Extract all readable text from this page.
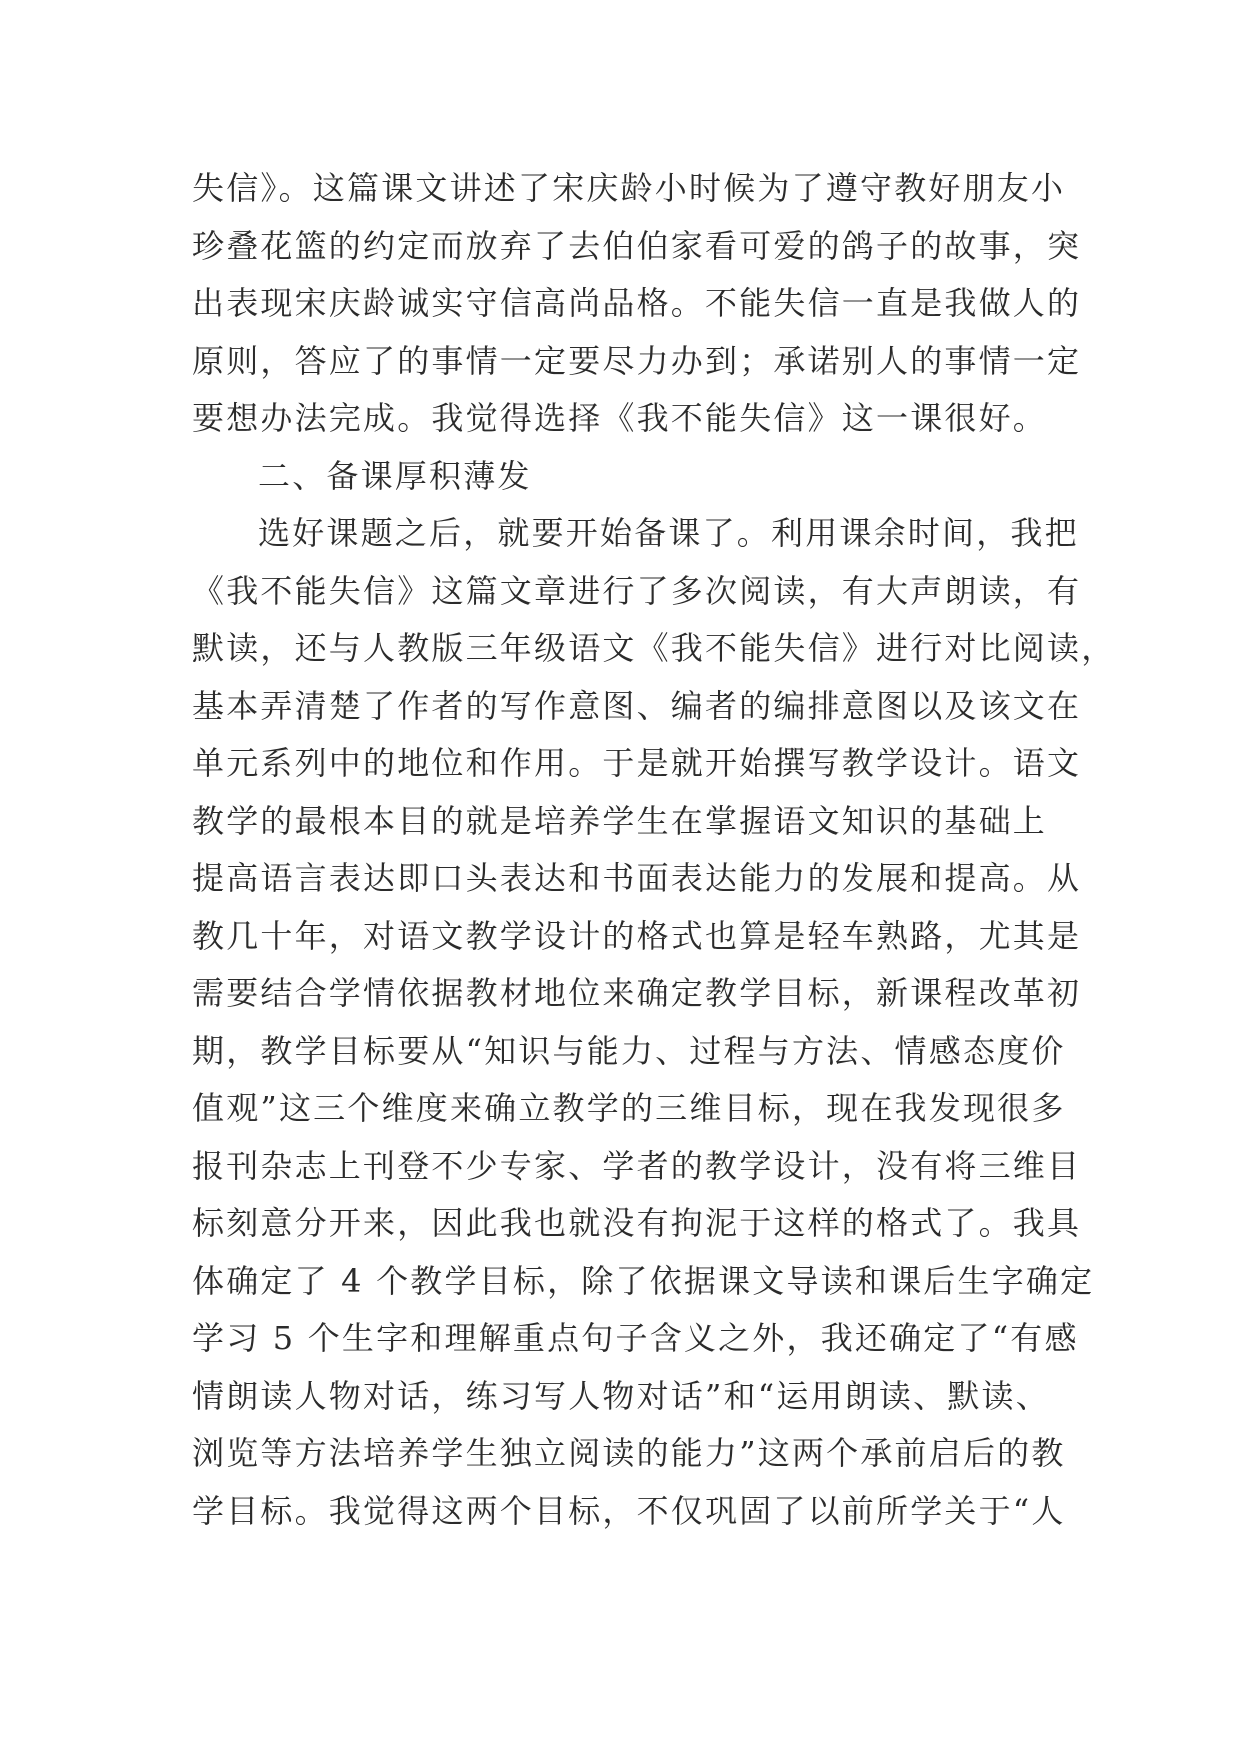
失信》。这篇课文讲述了宋庆龄小时候为了遵守教好朋友小
珍叠花篮的约定而放弃了去伯伯家看可爱的鸽子的故事，突
出表现宋庆龄诚实守信高尚品格。不能失信一直是我做人的
原则，答应了的事情一定要尽力办到；承诺别人的事情一定
要想办法完成。我觉得选择《我不能失信》这一课很好。
二、备课厚积薄发
选好课题之后，就要开始备课了。利用课余时间，我把
《我不能失信》这篇文章进行了多次阅读，有大声朗读，有
默读，还与人教版三年级语文《我不能失信》进行对比阅读，
基本弄清楚了作者的写作意图、编者的编排意图以及该文在
单元系列中的地位和作用。于是就开始撰写教学设计。语文
教学的最根本目的就是培养学生在掌握语文知识的基础上
提高语言表达即口头表达和书面表达能力的发展和提高。从
教几十年，对语文教学设计的格式也算是轻车熟路，尤其是
需要结合学情依据教材地位来确定教学目标，新课程改革初
期，教学目标要从“知识与能力、过程与方法、情感态度价
值观”这三个维度来确立教学的三维目标，现在我发现很多
报刊杂志上刊登不少专家、学者的教学设计，没有将三维目
标刻意分开来，因此我也就没有拘泥于这样的格式了。我具
体确定了 4 个教学目标，除了依据课文导读和课后生字确定
学习 5 个生字和理解重点句子含义之外，我还确定了“有感
情朗读人物对话，练习写人物对话”和“运用朗读、默读、
浏览等方法培养学生独立阅读的能力”这两个承前启后的教
学目标。我觉得这两个目标，不仅巩固了以前所学关于“人
